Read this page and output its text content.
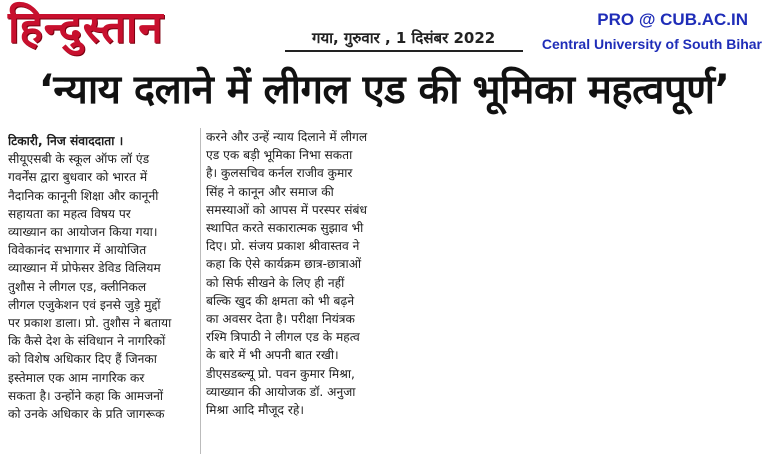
हिन्दुस्तान	गया, गुरुवार , 1 दिसंबर 2022
PRO @ CUB.AC.IN
Central University of South Bihar
‘न्याय दलाने में लीगल एड की भूमिका महत्वपूर्ण’
टिकारी, निज संवाददाता ।
सीयूएसबी के स्कूल ऑफ लॉ एंड
गवर्नेंस द्वारा बुधवार को भारत में
नैदानिक कानूनी शिक्षा और कानूनी
सहायता का महत्व विषय पर
व्याख्यान का आयोजन किया गया।
विवेकानंद सभागार में आयोजित
व्याख्यान में प्रोफेसर डेविड विलियम
तुशौस ने लीगल एड, क्लीनिकल
लीगल एजुकेशन एवं इनसे जुड़े मुद्दों
पर प्रकाश डाला। प्रो. तुशौस ने बताया
कि कैसे देश के संविधान ने नागरिकों
को विशेष अधिकार दिए हैं जिनका
इस्तेमाल एक आम नागरिक कर
सकता है। उन्होंने कहा कि आमजनों
को उनके अधिकार के प्रति जागरूक
करने और उन्हें न्याय दिलाने में लीगल
एड एक बड़ी भूमिका निभा सकता
है। कुलसचिव कर्नल राजीव कुमार
सिंह ने कानून और समाज की
समस्याओं को आपस में परस्पर संबंध
स्थापित करते सकारात्मक सुझाव भी
दिए। प्रो. संजय प्रकाश श्रीवास्तव ने
कहा कि ऐसे कार्यक्रम छात्र-छात्राओं
को सिर्फ सीखने के लिए ही नहीं
बल्कि खुद की क्षमता को भी बढ़ने
का अवसर देता है। परीक्षा नियंत्रक
रश्मि त्रिपाठी ने लीगल एड के महत्व
के बारे में भी अपनी बात रखी।
डीएसडब्ल्यू प्रो. पवन कुमार मिश्रा,
व्याख्यान की आयोजक डॉ. अनुजा
मिश्रा आदि मौजूद रहे।
